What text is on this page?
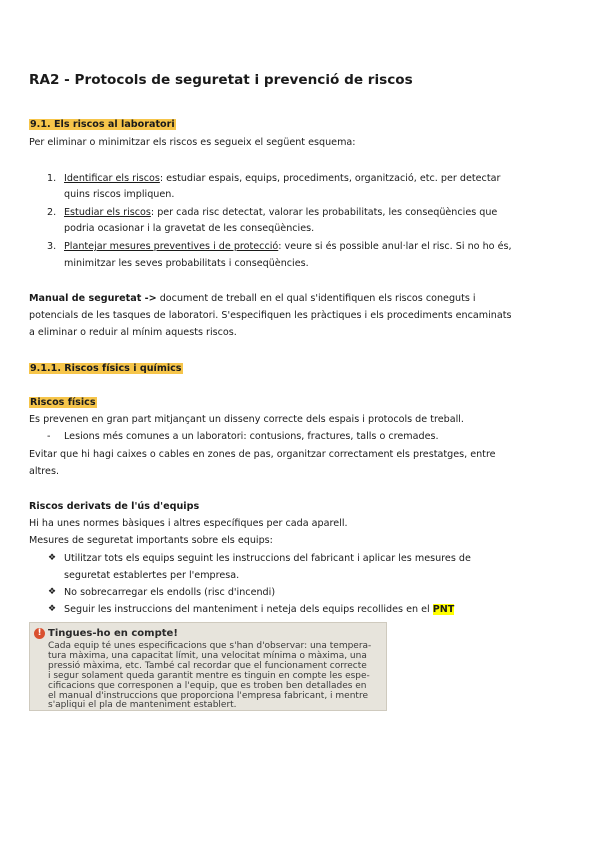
RA2 - Protocols de seguretat i prevenció de riscos
9.1. Els riscos al laboratori
Per eliminar o minimitzar els riscos es segueix el següent esquema:
1. Identificar els riscos: estudiar espais, equips, procediments, organització, etc. per detectar
quins riscos impliquen.
2. Estudiar els riscos: per cada risc detectat, valorar les probabilitats, les conseqüències que
podria ocasionar i la gravetat de les conseqüències.
3. Plantejar mesures preventives i de protecció: veure si és possible anul·lar el risc. Si no ho és,
minimitzar les seves probabilitats i conseqüències.
Manual de seguretat -> document de treball en el qual s'identifiquen els riscos coneguts i
potencials de les tasques de laboratori. S'especifiquen les pràctiques i els procediments encaminats
a eliminar o reduir al mínim aquests riscos.
9.1.1. Riscos físics i químics
Riscos físics
Es prevenen en gran part mitjançant un disseny correcte dels espais i protocols de treball.
- Lesions més comunes a un laboratori: contusions, fractures, talls o cremades.
Evitar que hi hagi caixes o cables en zones de pas, organitzar correctament els prestatges, entre
altres.
Riscos derivats de l'ús d'equips
Hi ha unes normes bàsiques i altres específiques per cada aparell.
Mesures de seguretat importants sobre els equips:
❖ Utilitzar tots els equips seguint les instruccions del fabricant i aplicar les mesures de
seguretat establertes per l'empresa.
❖ No sobrecarregar els endolls (risc d'incendi)
❖ Seguir les instruccions del manteniment i neteja dels equips recollides en el PNT
! Tingues-ho en compte!
Cada equip té unes especificacions que s'han d'observar: una tempera-
tura màxima, una capacitat límit, una velocitat mínima o màxima, una
pressió màxima, etc. També cal recordar que el funcionament correcte
i segur solament queda garantit mentre es tinguin en compte les espe-
cificacions que corresponen a l'equip, que es troben ben detallades en
el manual d'instruccions que proporciona l'empresa fabricant, i mentre
s'apliqui el pla de manteniment establert.
